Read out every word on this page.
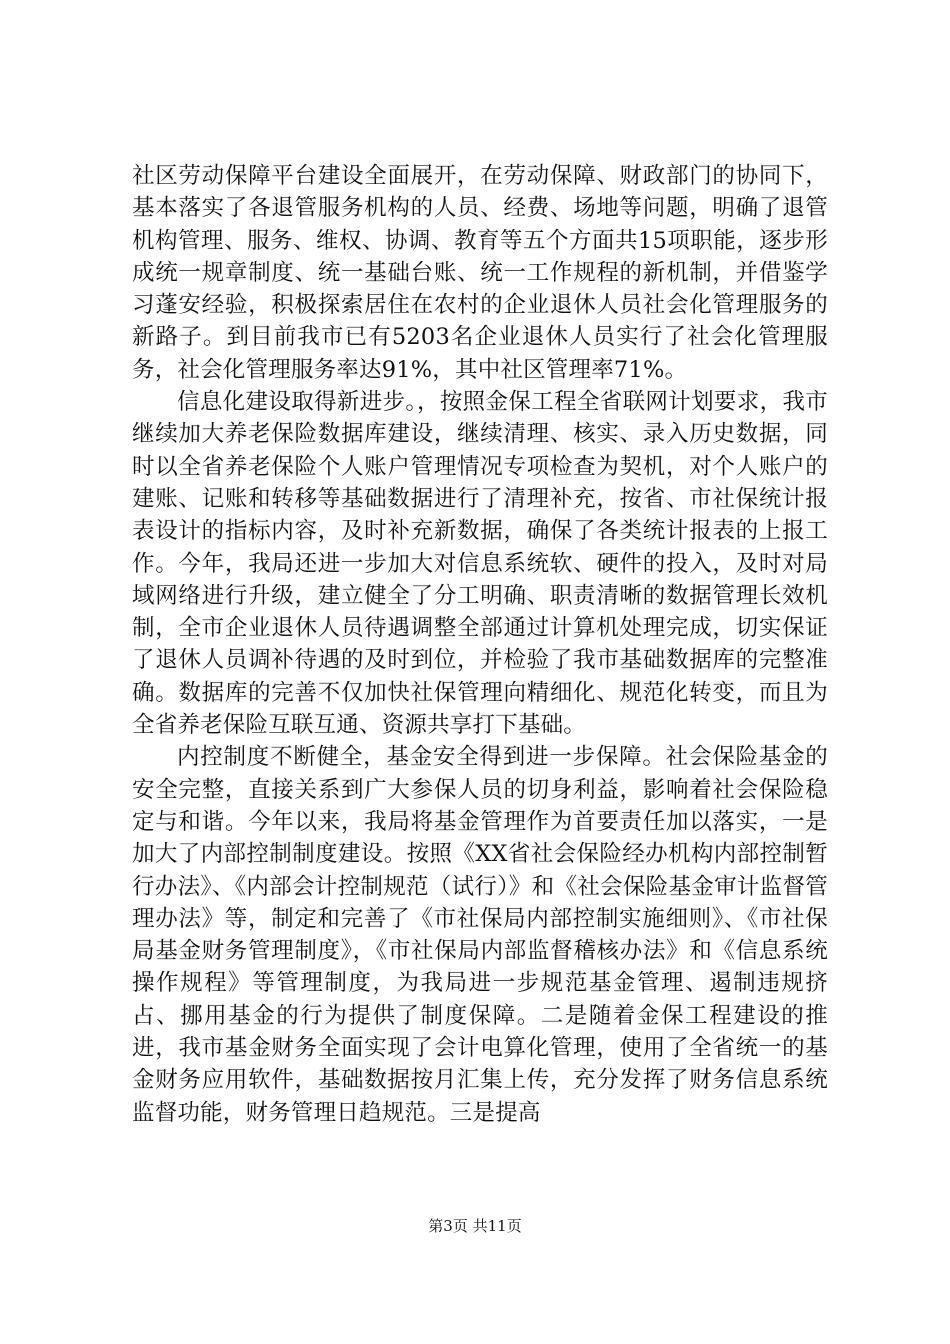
社区劳动保障平台建设全面展开，在劳动保障、财政部门的协同下，基本落实了各退管服务机构的人员、经费、场地等问题，明确了退管机构管理、服务、维权、协调、教育等五个方面共15项职能，逐步形成统一规章制度、统一基础台账、统一工作规程的新机制，并借鉴学习蓬安经验，积极探索居住在农村的企业退休人员社会化管理服务的新路子。到目前我市已有5203名企业退休人员实行了社会化管理服务，社会化管理服务率达91%，其中社区管理率71%。

信息化建设取得新进步。，按照金保工程全省联网计划要求，我市继续加大养老保险数据库建设，继续清理、核实、录入历史数据，同时以全省养老保险个人账户管理情况专项检查为契机，对个人账户的建账、记账和转移等基础数据进行了清理补充，按省、市社保统计报表设计的指标内容，及时补充新数据，确保了各类统计报表的上报工作。今年，我局还进一步加大对信息系统软、硬件的投入，及时对局域网络进行升级，建立健全了分工明确、职责清晰的数据管理长效机制，全市企业退休人员待遇调整全部通过计算机处理完成，切实保证了退休人员调补待遇的及时到位，并检验了我市基础数据库的完整准确。数据库的完善不仅加快社保管理向精细化、规范化转变，而且为全省养老保险互联互通、资源共享打下基础。

内控制度不断健全，基金安全得到进一步保障。社会保险基金的安全完整，直接关系到广大参保人员的切身利益，影响着社会保险稳定与和谐。今年以来，我局将基金管理作为首要责任加以落实，一是加大了内部控制制度建设。按照《XX省社会保险经办机构内部控制暂行办法》、《内部会计控制规范（试行）》和《社会保险基金审计监督管理办法》等，制定和完善了《市社保局内部控制实施细则》、《市社保局基金财务管理制度》，《市社保局内部监督稽核办法》和《信息系统操作规程》等管理制度，为我局进一步规范基金管理、遏制违规挤占、挪用基金的行为提供了制度保障。二是随着金保工程建设的推进，我市基金财务全面实现了会计电算化管理，使用了全省统一的基金财务应用软件，基础数据按月汇集上传，充分发挥了财务信息系统监督功能，财务管理日趋规范。三是提高

第3页 共11页
